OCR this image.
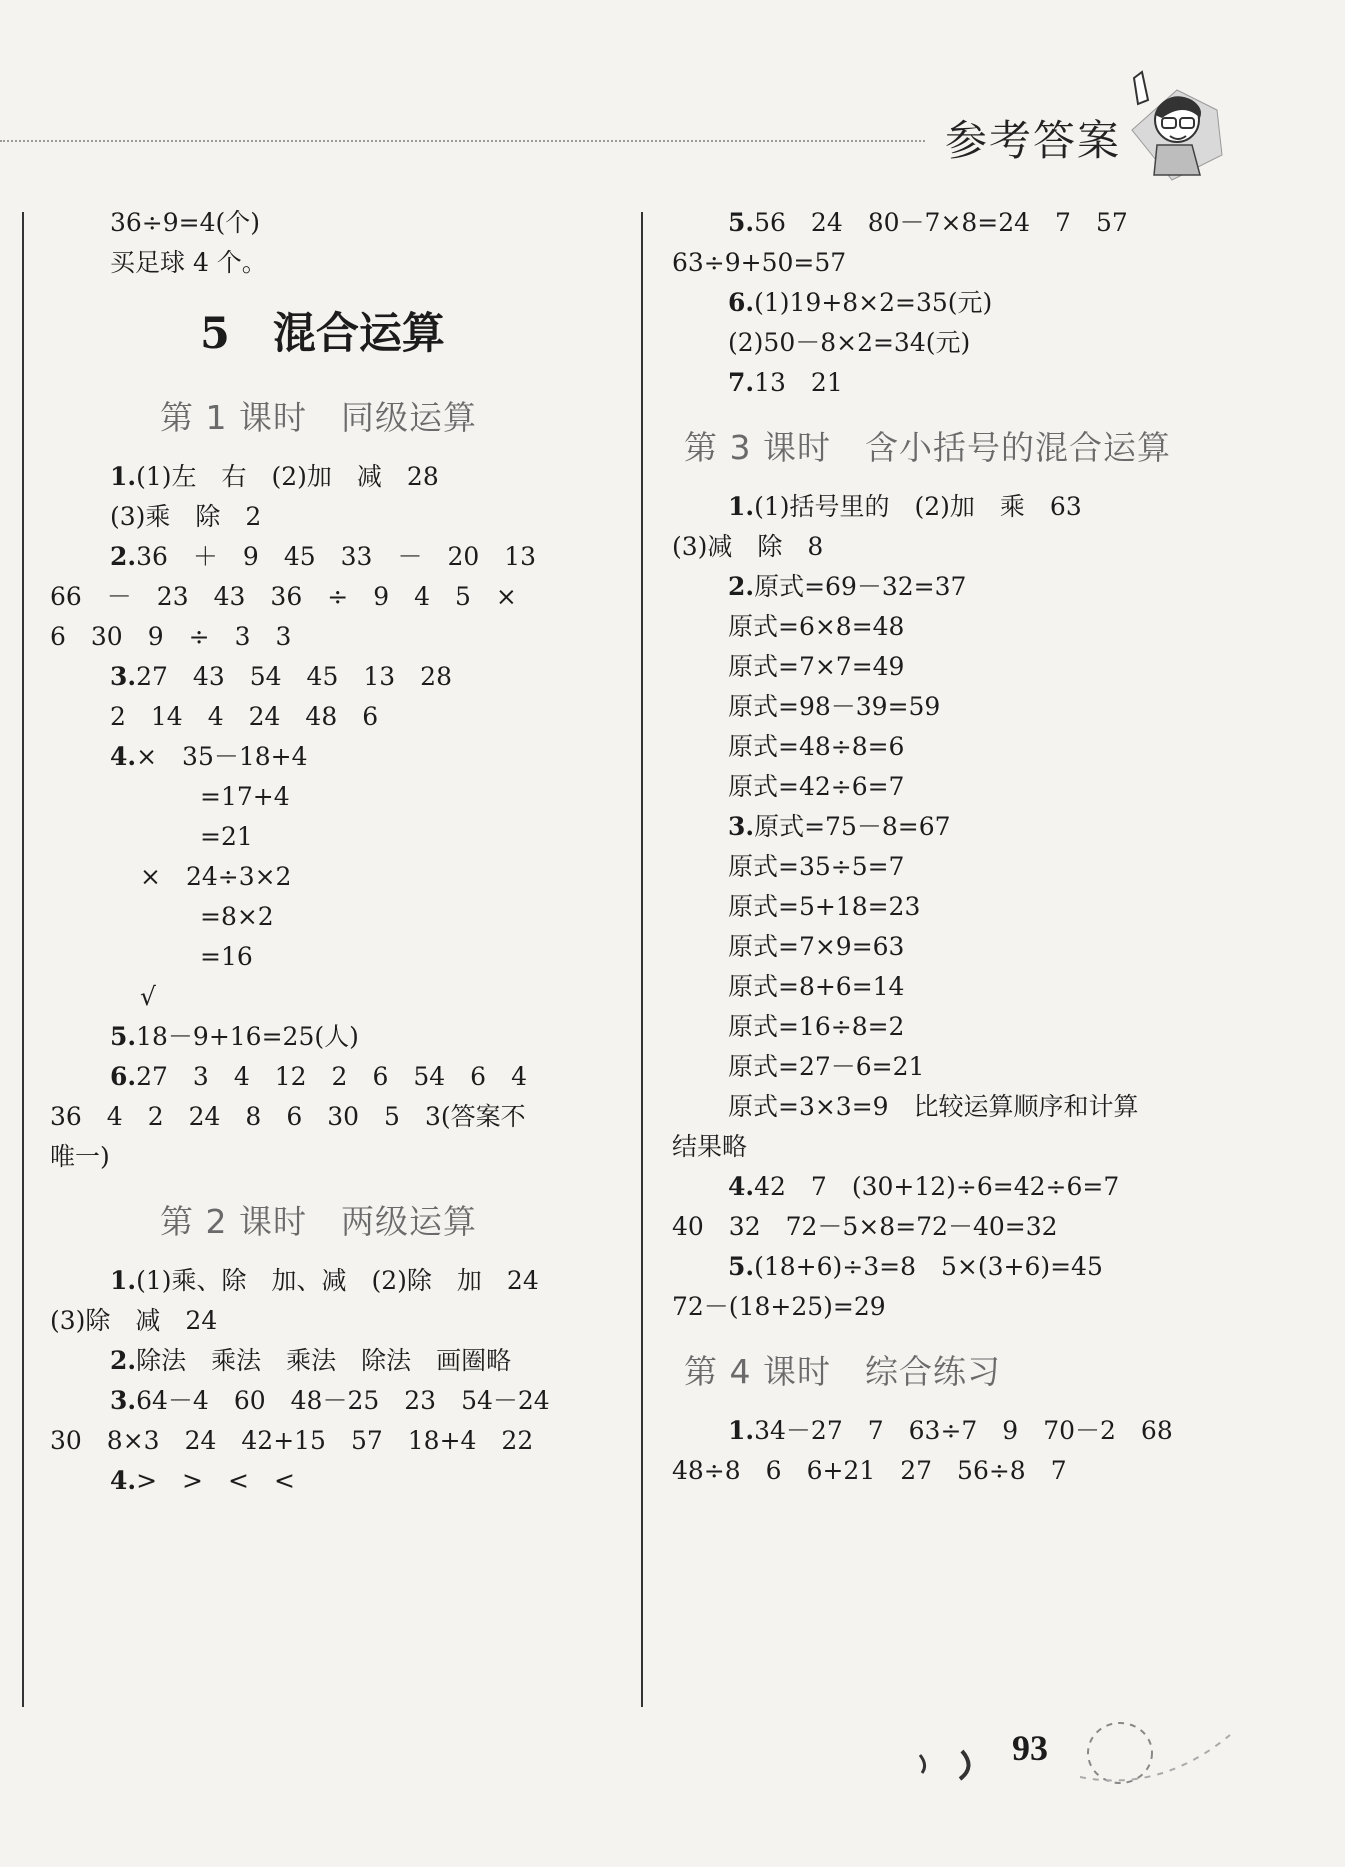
参考答案
36÷9=4(个)
买足球 4 个。
5　混合运算
第 1 课时　同级运算
1.(1)左　右　(2)加　减　28
(3)乘　除　2
2.36　＋　9　45　33　－　20　13
66　－　23　43　36　÷　9　4　5　×
6　30　9　÷　3　3
3.27　43　54　45　13　28
2　14　4　24　48　6
4.×　35－18+4
=17+4
=21
×　24÷3×2
=8×2
=16
√
5.18－9+16=25(人)
6.27　3　4　12　2　6　54　6　4
36　4　2　24　8　6　30　5　3(答案不
唯一)
第 2 课时　两级运算
1.(1)乘、除　加、减　(2)除　加　24
(3)除　减　24
2.除法　乘法　乘法　除法　画圈略
3.64－4　60　48－25　23　54－24
30　8×3　24　42+15　57　18+4　22
4.>　>　<　<
5.56　24　80－7×8=24　7　57
63÷9+50=57
6.(1)19+8×2=35(元)
(2)50－8×2=34(元)
7.13　21
第 3 课时　含小括号的混合运算
1.(1)括号里的　(2)加　乘　63
(3)减　除　8
2.原式=69－32=37
原式=6×8=48
原式=7×7=49
原式=98－39=59
原式=48÷8=6
原式=42÷6=7
3.原式=75－8=67
原式=35÷5=7
原式=5+18=23
原式=7×9=63
原式=8+6=14
原式=16÷8=2
原式=27－6=21
原式=3×3=9　比较运算顺序和计算
结果略
4.42　7　(30+12)÷6=42÷6=7
40　32　72－5×8=72－40=32
5.(18+6)÷3=8　5×(3+6)=45
72－(18+25)=29
第 4 课时　综合练习
1.34－27　7　63÷7　9　70－2　68
48÷8　6　6+21　27　56÷8　7
93
